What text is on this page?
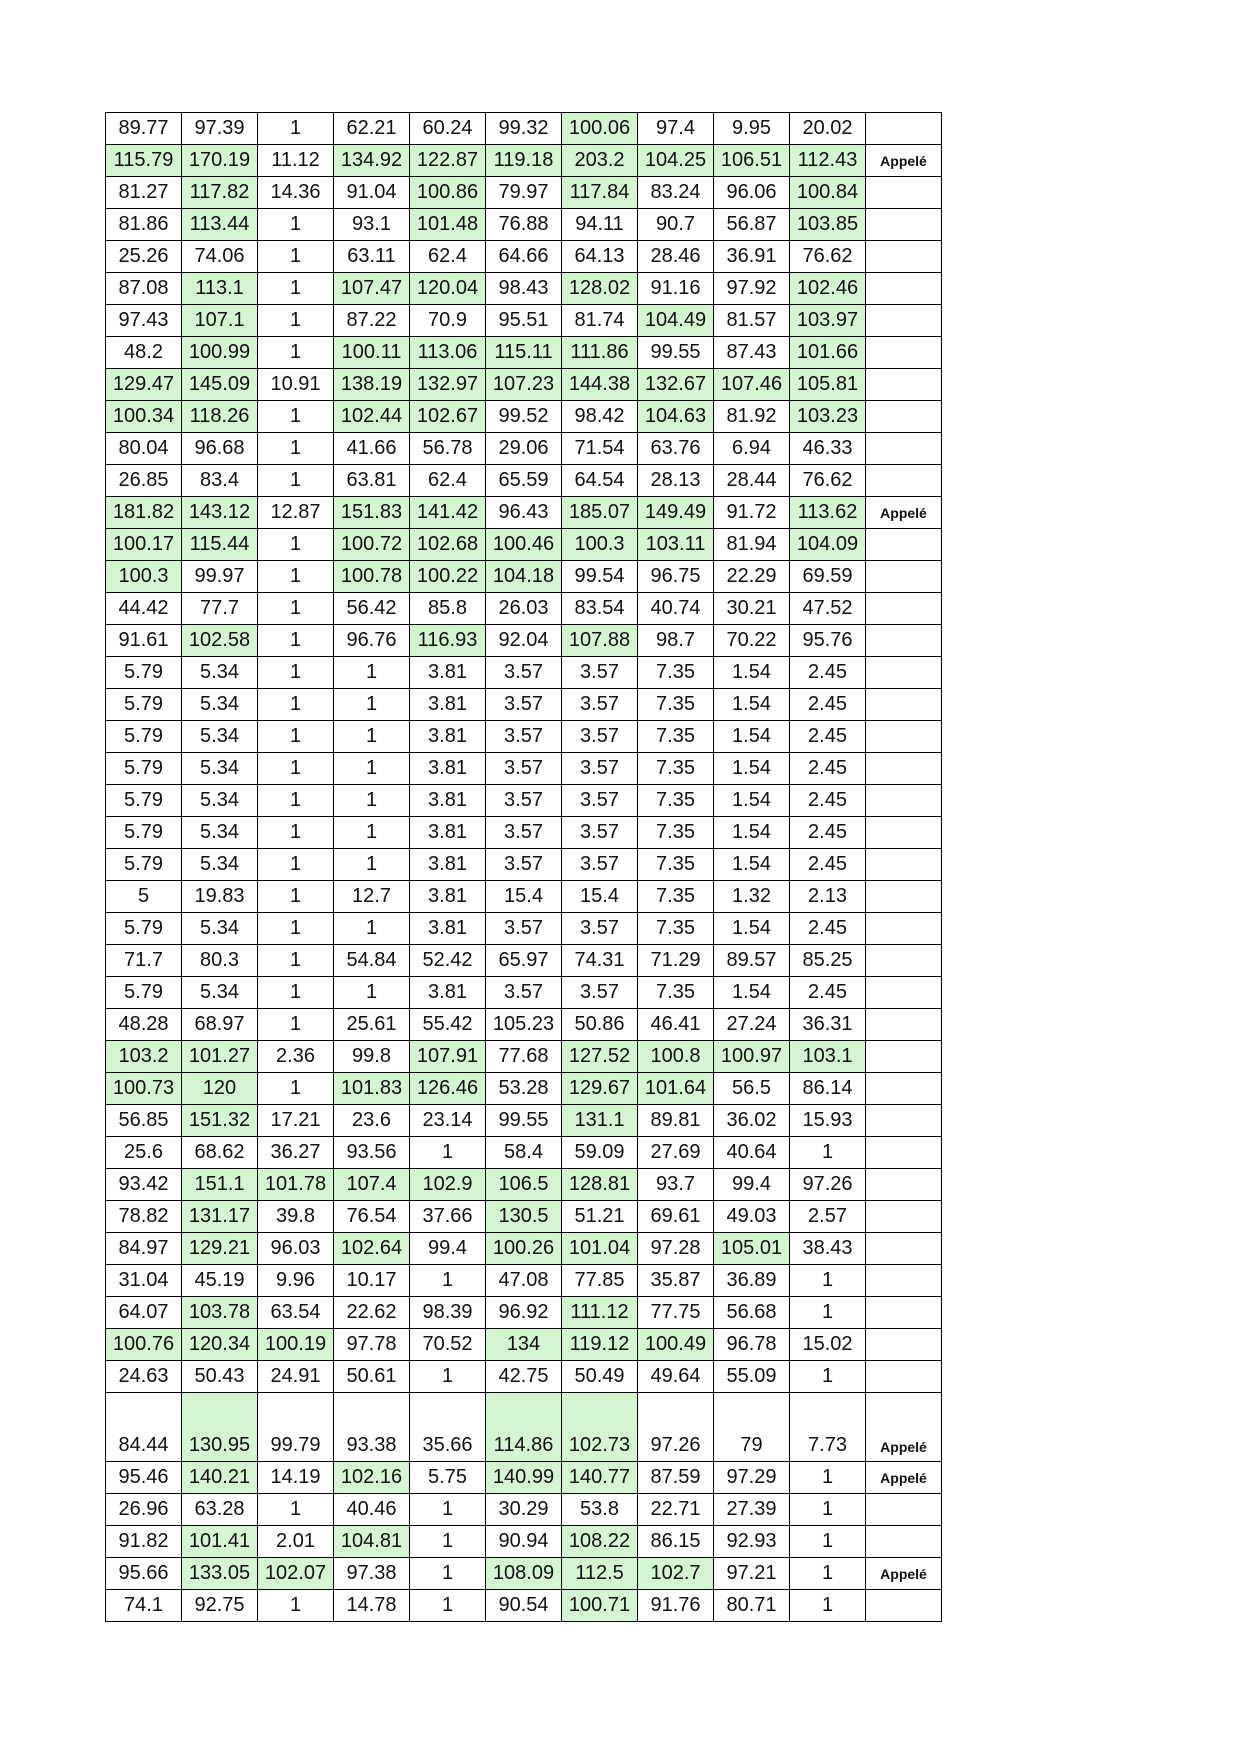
89.77	97.39	1	62.21	60.24	99.32	100.06	97.4	9.95	20.02	
115.79	170.19	11.12	134.92	122.87	119.18	203.2	104.25	106.51	112.43	Appelé
81.27	117.82	14.36	91.04	100.86	79.97	117.84	83.24	96.06	100.84	
81.86	113.44	1	93.1	101.48	76.88	94.11	90.7	56.87	103.85	
25.26	74.06	1	63.11	62.4	64.66	64.13	28.46	36.91	76.62	
87.08	113.1	1	107.47	120.04	98.43	128.02	91.16	97.92	102.46	
97.43	107.1	1	87.22	70.9	95.51	81.74	104.49	81.57	103.97	
48.2	100.99	1	100.11	113.06	115.11	111.86	99.55	87.43	101.66	
129.47	145.09	10.91	138.19	132.97	107.23	144.38	132.67	107.46	105.81	
100.34	118.26	1	102.44	102.67	99.52	98.42	104.63	81.92	103.23	
80.04	96.68	1	41.66	56.78	29.06	71.54	63.76	6.94	46.33	
26.85	83.4	1	63.81	62.4	65.59	64.54	28.13	28.44	76.62	
181.82	143.12	12.87	151.83	141.42	96.43	185.07	149.49	91.72	113.62	Appelé
100.17	115.44	1	100.72	102.68	100.46	100.3	103.11	81.94	104.09	
100.3	99.97	1	100.78	100.22	104.18	99.54	96.75	22.29	69.59	
44.42	77.7	1	56.42	85.8	26.03	83.54	40.74	30.21	47.52	
91.61	102.58	1	96.76	116.93	92.04	107.88	98.7	70.22	95.76	
5.79	5.34	1	1	3.81	3.57	3.57	7.35	1.54	2.45	
5.79	5.34	1	1	3.81	3.57	3.57	7.35	1.54	2.45	
5.79	5.34	1	1	3.81	3.57	3.57	7.35	1.54	2.45	
5.79	5.34	1	1	3.81	3.57	3.57	7.35	1.54	2.45	
5.79	5.34	1	1	3.81	3.57	3.57	7.35	1.54	2.45	
5.79	5.34	1	1	3.81	3.57	3.57	7.35	1.54	2.45	
5.79	5.34	1	1	3.81	3.57	3.57	7.35	1.54	2.45	
5	19.83	1	12.7	3.81	15.4	15.4	7.35	1.32	2.13	
5.79	5.34	1	1	3.81	3.57	3.57	7.35	1.54	2.45	
71.7	80.3	1	54.84	52.42	65.97	74.31	71.29	89.57	85.25	
5.79	5.34	1	1	3.81	3.57	3.57	7.35	1.54	2.45	
48.28	68.97	1	25.61	55.42	105.23	50.86	46.41	27.24	36.31	
103.2	101.27	2.36	99.8	107.91	77.68	127.52	100.8	100.97	103.1	
100.73	120	1	101.83	126.46	53.28	129.67	101.64	56.5	86.14	
56.85	151.32	17.21	23.6	23.14	99.55	131.1	89.81	36.02	15.93	
25.6	68.62	36.27	93.56	1	58.4	59.09	27.69	40.64	1	
93.42	151.1	101.78	107.4	102.9	106.5	128.81	93.7	99.4	97.26	
78.82	131.17	39.8	76.54	37.66	130.5	51.21	69.61	49.03	2.57	
84.97	129.21	96.03	102.64	99.4	100.26	101.04	97.28	105.01	38.43	
31.04	45.19	9.96	10.17	1	47.08	77.85	35.87	36.89	1	
64.07	103.78	63.54	22.62	98.39	96.92	111.12	77.75	56.68	1	
100.76	120.34	100.19	97.78	70.52	134	119.12	100.49	96.78	15.02	
24.63	50.43	24.91	50.61	1	42.75	50.49	49.64	55.09	1	
84.44	130.95	99.79	93.38	35.66	114.86	102.73	97.26	79	7.73	Appelé
95.46	140.21	14.19	102.16	5.75	140.99	140.77	87.59	97.29	1	Appelé
26.96	63.28	1	40.46	1	30.29	53.8	22.71	27.39	1	
91.82	101.41	2.01	104.81	1	90.94	108.22	86.15	92.93	1	
95.66	133.05	102.07	97.38	1	108.09	112.5	102.7	97.21	1	Appelé
74.1	92.75	1	14.78	1	90.54	100.71	91.76	80.71	1	
